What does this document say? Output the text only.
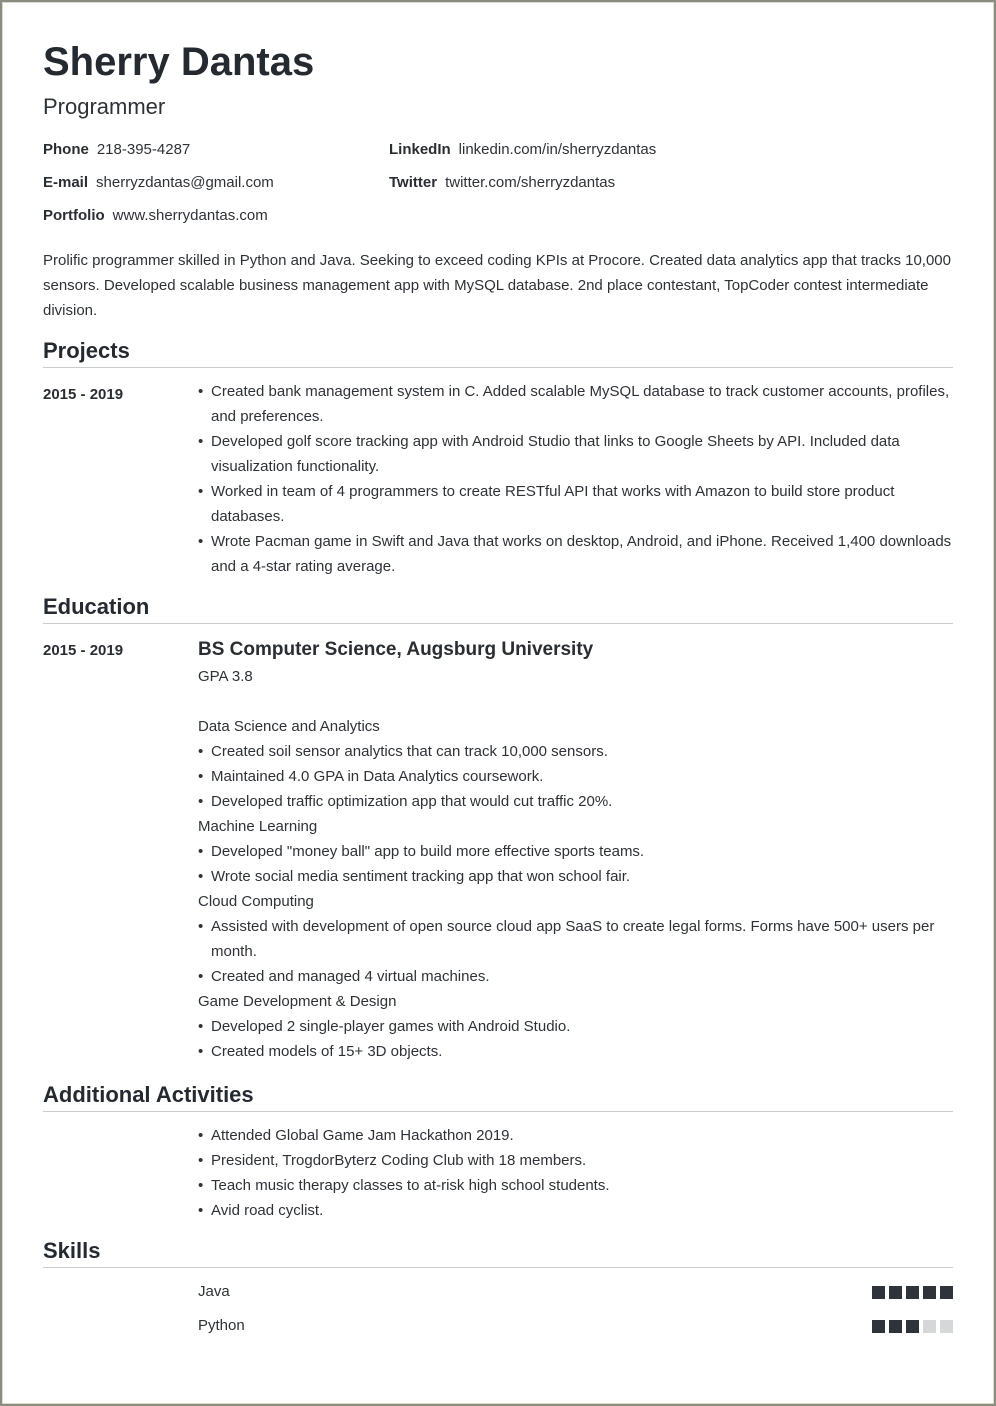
Sherry Dantas
Programmer
Phone 218-395-4287
E-mail sherryzdantas@gmail.com
Portfolio www.sherrydantas.com
LinkedIn linkedin.com/in/sherryzdantas
Twitter twitter.com/sherryzdantas
Prolific programmer skilled in Python and Java. Seeking to exceed coding KPIs at Procore. Created data analytics app that tracks 10,000 sensors. Developed scalable business management app with MySQL database. 2nd place contestant, TopCoder contest intermediate division.
Projects
2015 - 2019
•	Created bank management system in C. Added scalable MySQL database to track customer accounts, profiles, and preferences.
• Developed golf score tracking app with Android Studio that links to Google Sheets by API. Included data visualization functionality.
• Worked in team of 4 programmers to create RESTful API that works with Amazon to build store product databases.
• Wrote Pacman game in Swift and Java that works on desktop, Android, and iPhone. Received 1,400 downloads and a 4-star rating average.
Education
2015 - 2019	BS Computer Science, Augsburg University
GPA 3.8
Data Science and Analytics
• Created soil sensor analytics that can track 10,000 sensors.
• Maintained 4.0 GPA in Data Analytics coursework.
• Developed traffic optimization app that would cut traffic 20%.
Machine Learning
• Developed "money ball" app to build more effective sports teams.
• Wrote social media sentiment tracking app that won school fair.
Cloud Computing
• Assisted with development of open source cloud app SaaS to create legal forms. Forms have 500+ users per month.
• Created and managed 4 virtual machines.
Game Development & Design
• Developed 2 single-player games with Android Studio.
• Created models of 15+ 3D objects.
Additional Activities
• Attended Global Game Jam Hackathon 2019.
• President, TrogdorByterz Coding Club with 18 members.
• Teach music therapy classes to at-risk high school students.
• Avid road cyclist.
Skills
Java
Python
